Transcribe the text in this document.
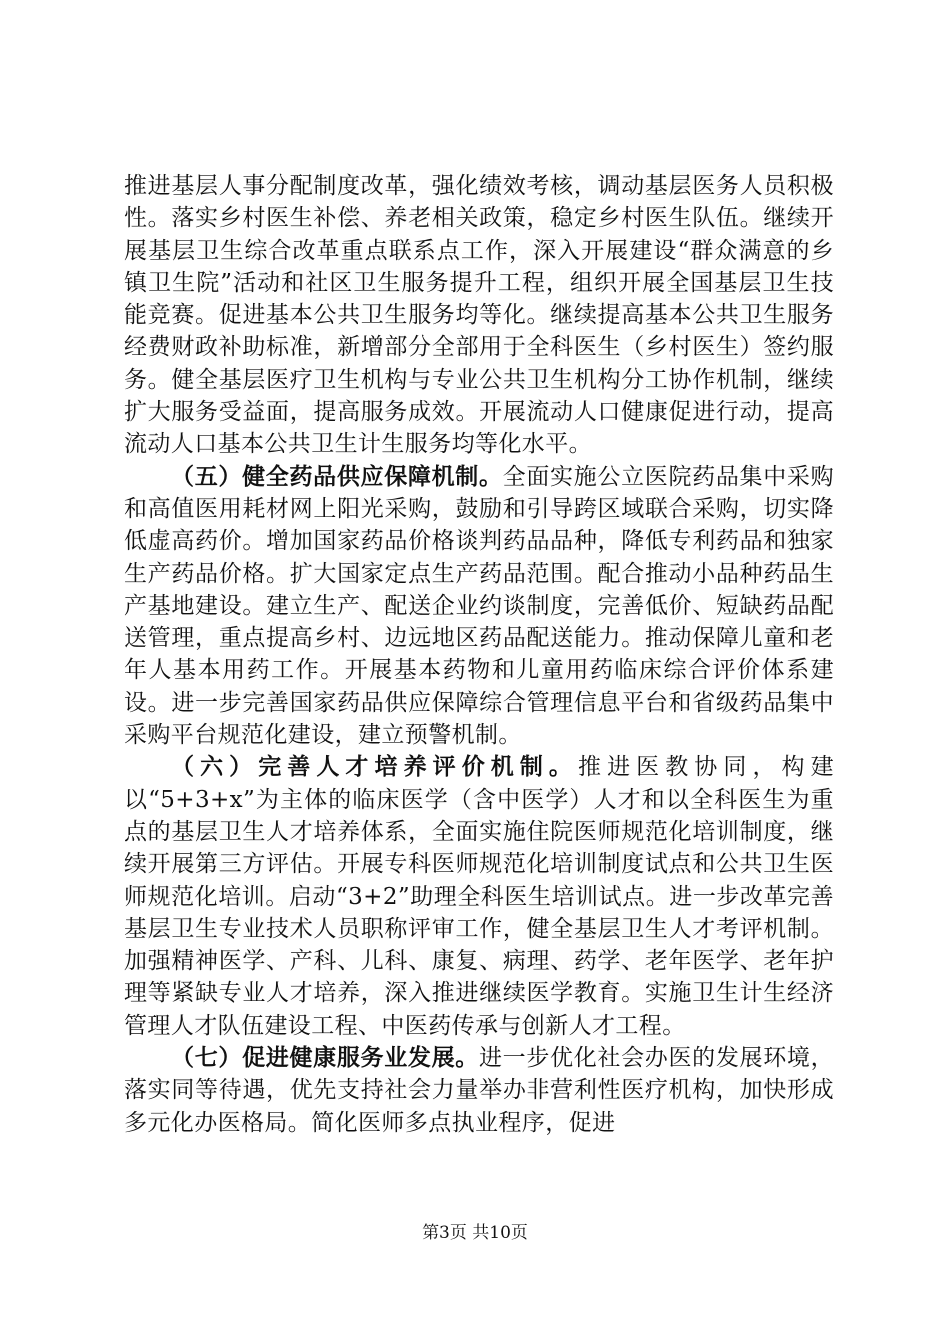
推进基层人事分配制度改革，强化绩效考核，调动基层医务人员积极性。落实乡村医生补偿、养老相关政策，稳定乡村医生队伍。继续开展基层卫生综合改革重点联系点工作，深入开展建设“群众满意的乡镇卫生院”活动和社区卫生服务提升工程，组织开展全国基层卫生技能竞赛。促进基本公共卫生服务均等化。继续提高基本公共卫生服务经费财政补助标准，新增部分全部用于全科医生（乡村医生）签约服务。健全基层医疗卫生机构与专业公共卫生机构分工协作机制，继续扩大服务受益面，提高服务成效。开展流动人口健康促进行动，提高流动人口基本公共卫生计生服务均等化水平。

（五）健全药品供应保障机制。全面实施公立医院药品集中采购和高值医用耗材网上阳光采购，鼓励和引导跨区域联合采购，切实降低虚高药价。增加国家药品价格谈判药品品种，降低专利药品和独家生产药品价格。扩大国家定点生产药品范围。配合推动小品种药品生产基地建设。建立生产、配送企业约谈制度，完善低价、短缺药品配送管理，重点提高乡村、边远地区药品配送能力。推动保障儿童和老年人基本用药工作。开展基本药物和儿童用药临床综合评价体系建设。进一步完善国家药品供应保障综合管理信息平台和省级药品集中采购平台规范化建设，建立预警机制。

（六）完善人才培养评价机制。推进医教协同，构建以“5+3+x”为主体的临床医学（含中医学）人才和以全科医生为重点的基层卫生人才培养体系，全面实施住院医师规范化培训制度，继续开展第三方评估。开展专科医师规范化培训制度试点和公共卫生医师规范化培训。启动“3+2”助理全科医生培训试点。进一步改革完善基层卫生专业技术人员职称评审工作，健全基层卫生人才考评机制。加强精神医学、产科、儿科、康复、病理、药学、老年医学、老年护理等紧缺专业人才培养，深入推进继续医学教育。实施卫生计生经济管理人才队伍建设工程、中医药传承与创新人才工程。

（七）促进健康服务业发展。进一步优化社会办医的发展环境，落实同等待遇，优先支持社会力量举办非营利性医疗机构，加快形成多元化办医格局。简化医师多点执业程序，促进

第3页 共10页
